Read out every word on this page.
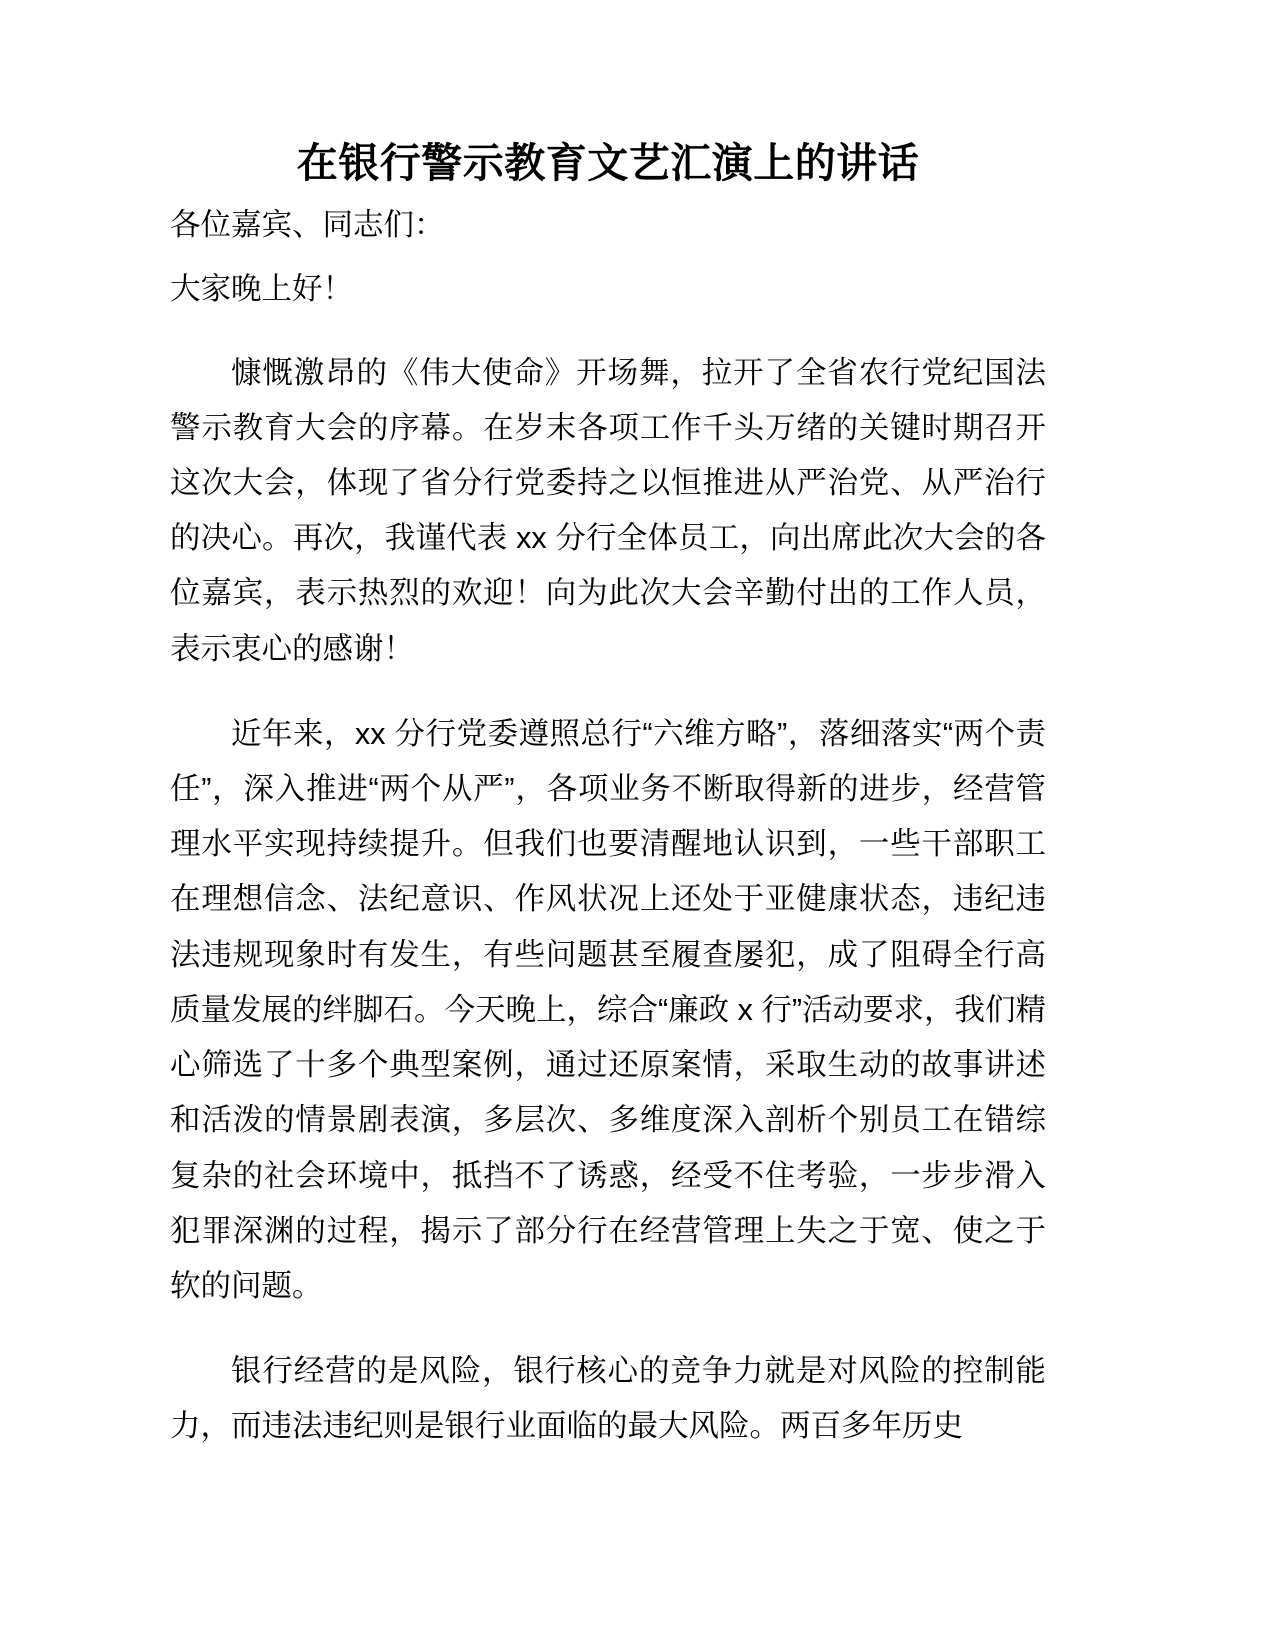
在银行警示教育文艺汇演上的讲话

各位嘉宾、同志们：

大家晚上好！

慷慨激昂的《伟大使命》开场舞，拉开了全省农行党纪国法警示教育大会的序幕。在岁末各项工作千头万绪的关键时期召开这次大会，体现了省分行党委持之以恒推进从严治党、从严治行的决心。再次，我谨代表 xx 分行全体员工，向出席此次大会的各位嘉宾，表示热烈的欢迎！向为此次大会辛勤付出的工作人员，表示衷心的感谢！

近年来，xx 分行党委遵照总行“六维方略”，落细落实“两个责任”，深入推进“两个从严”，各项业务不断取得新的进步，经营管理水平实现持续提升。但我们也要清醒地认识到，一些干部职工在理想信念、法纪意识、作风状况上还处于亚健康状态，违纪违法违规现象时有发生，有些问题甚至履查屡犯，成了阻碍全行高质量发展的绊脚石。今天晚上，综合“廉政 x 行”活动要求，我们精心筛选了十多个典型案例，通过还原案情，采取生动的故事讲述和活泼的情景剧表演，多层次、多维度深入剖析个别员工在错综复杂的社会环境中，抵挡不了诱惑，经受不住考验，一步步滑入犯罪深渊的过程，揭示了部分行在经营管理上失之于宽、使之于软的问题。

银行经营的是风险，银行核心的竞争力就是对风险的控制能力，而违法违纪则是银行业面临的最大风险。两百多年历史
